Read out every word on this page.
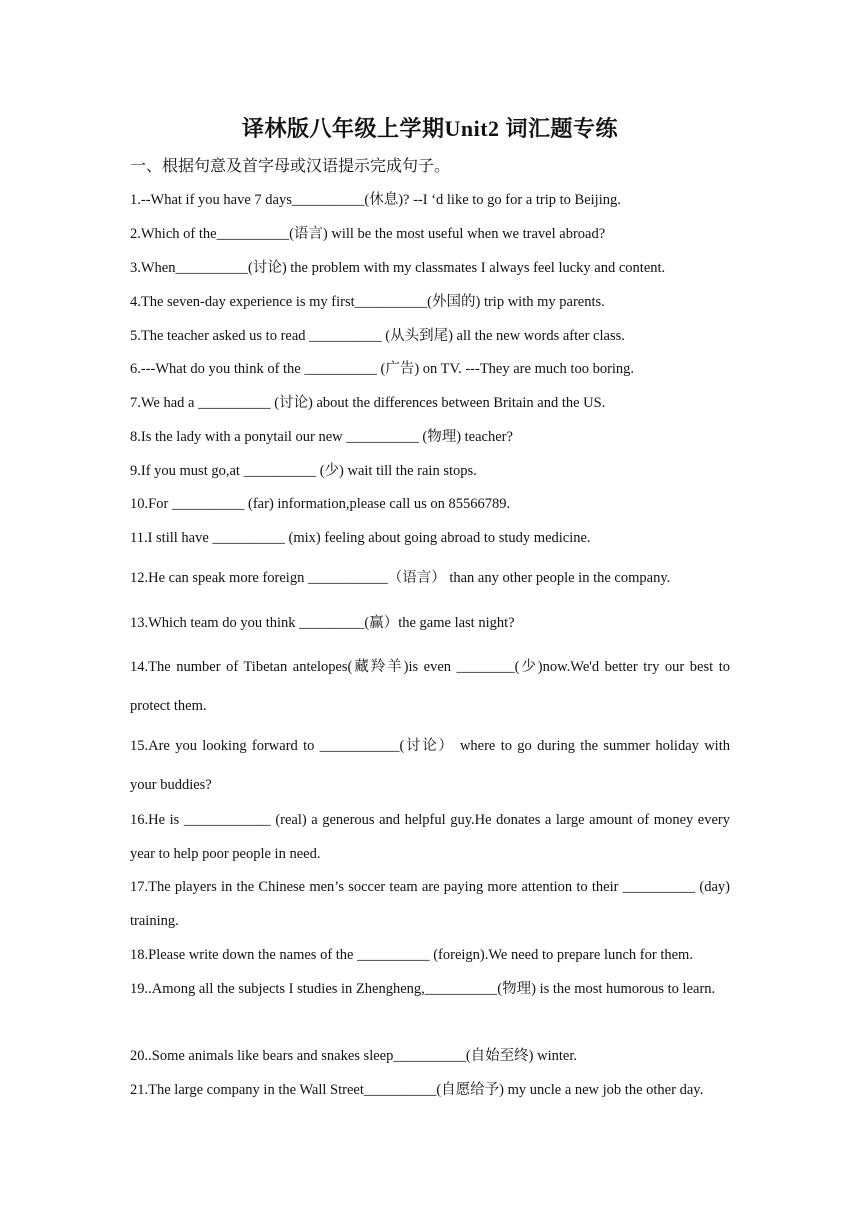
译林版八年级上学期Unit2 词汇题专练
一、根据句意及首字母或汉语提示完成句子。
1.--What if you have 7 days__________(休息)? --I ‘d like to go for a trip to Beijing.
2.Which of the__________(语言) will be the most useful when we travel abroad?
3.When__________(讨论) the problem with my classmates I always feel lucky and content.
4.The seven-day experience is my first__________(外国的) trip with my parents.
5.The teacher asked us to read __________ (从头到尾) all the new words after class.
6.---What do you think of the __________ (广告) on TV. ---They are much too boring.
7.We had a __________ (讨论) about the differences between Britain and the US.
8.Is the lady with a ponytail our new __________ (物理) teacher?
9.If you must go,at __________ (少) wait till the rain stops.
10.For __________ (far) information,please call us on 85566789.
11.I still have __________ (mix) feeling about going abroad to study medicine.
12.He can speak more foreign ___________（语言） than any other people in the company.
13.Which team do you think _________(赢）the game last night?
14.The number of Tibetan antelopes(藏羚羊)is even ________(少)now.We'd better try our best to protect them.
15.Are you looking forward to ___________(讨论） where to go during the summer holiday with your buddies?
16.He is ____________ (real) a generous and helpful guy.He donates a large amount of money every year to help poor people in need.
17.The players in the Chinese men’s soccer team are paying more attention to their __________ (day) training.
18.Please write down the names of the __________ (foreign).We need to prepare lunch for them.
19..Among all the subjects I studies in Zhengheng,__________(物理) is the most humorous to learn.
20..Some animals like bears and snakes sleep__________(自始至终) winter.
21.The large company in the Wall Street__________(自愿给予) my uncle a new job the other day.
